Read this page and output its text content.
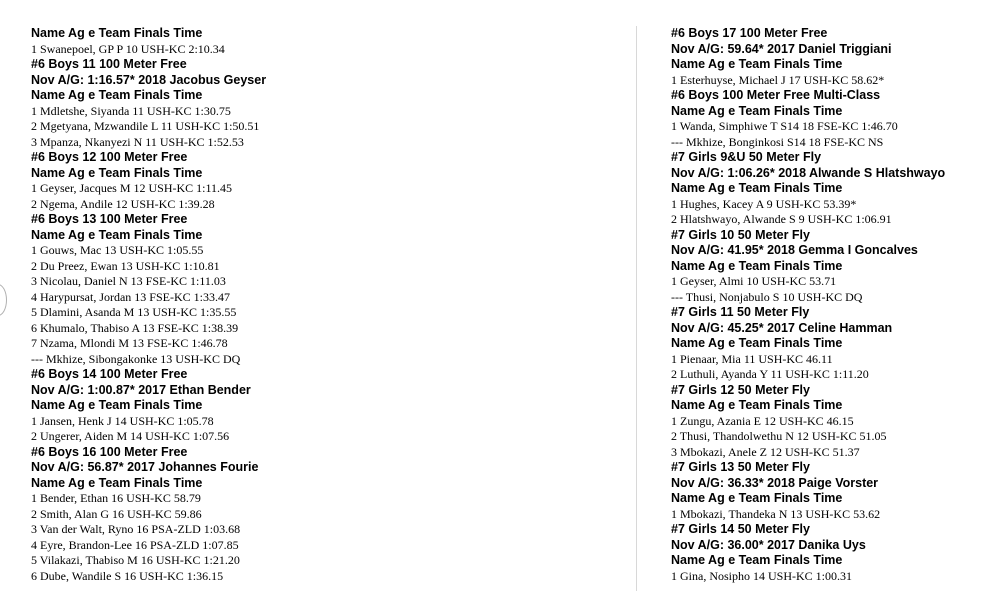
Name Ag e Team Finals Time
1 Swanepoel, GP P 10 USH-KC 2:10.34
#6 Boys 11 100 Meter Free
Nov A/G: 1:16.57* 2018 Jacobus Geyser
Name Ag e Team Finals Time
1 Mdletshe, Siyanda 11 USH-KC 1:30.75
2 Mgetyana, Mzwandile L 11 USH-KC 1:50.51
3 Mpanza, Nkanyezi N 11 USH-KC 1:52.53
#6 Boys 12 100 Meter Free
Name Ag e Team Finals Time
1 Geyser, Jacques M 12 USH-KC 1:11.45
2 Ngema, Andile 12 USH-KC 1:39.28
#6 Boys 13 100 Meter Free
Name Ag e Team Finals Time
1 Gouws, Mac 13 USH-KC 1:05.55
2 Du Preez, Ewan 13 USH-KC 1:10.81
3 Nicolau, Daniel N 13 FSE-KC 1:11.03
4 Harypursat, Jordan 13 FSE-KC 1:33.47
5 Dlamini, Asanda M 13 USH-KC 1:35.55
6 Khumalo, Thabiso A 13 FSE-KC 1:38.39
7 Nzama, Mlondi M 13 FSE-KC 1:46.78
--- Mkhize, Sibongakonke 13 USH-KC DQ
#6 Boys 14 100 Meter Free
Nov A/G: 1:00.87* 2017 Ethan Bender
Name Ag e Team Finals Time
1 Jansen, Henk J 14 USH-KC 1:05.78
2 Ungerer, Aiden M 14 USH-KC 1:07.56
#6 Boys 16 100 Meter Free
Nov A/G: 56.87* 2017 Johannes Fourie
Name Ag e Team Finals Time
1 Bender, Ethan 16 USH-KC 58.79
2 Smith, Alan G 16 USH-KC 59.86
3 Van der Walt, Ryno 16 PSA-ZLD 1:03.68
4 Eyre, Brandon-Lee 16 PSA-ZLD 1:07.85
5 Vilakazi, Thabiso M 16 USH-KC 1:21.20
6 Dube, Wandile S 16 USH-KC 1:36.15
#6 Boys 17 100 Meter Free
Nov A/G: 59.64* 2017 Daniel Triggiani
Name Ag e Team Finals Time
1 Esterhuyse, Michael J 17 USH-KC 58.62*
#6 Boys 100 Meter Free Multi-Class
Name Ag e Team Finals Time
1 Wanda, Simphiwe T S14 18 FSE-KC 1:46.70
--- Mkhize, Bonginkosi S14 18 FSE-KC NS
#7 Girls 9&U 50 Meter Fly
Nov A/G: 1:06.26* 2018 Alwande S Hlatshwayo
Name Ag e Team Finals Time
1 Hughes, Kacey A 9 USH-KC 53.39*
2 Hlatshwayo, Alwande S 9 USH-KC 1:06.91
#7 Girls 10 50 Meter Fly
Nov A/G: 41.95* 2018 Gemma I Goncalves
Name Ag e Team Finals Time
1 Geyser, Almi 10 USH-KC 53.71
--- Thusi, Nonjabulo S 10 USH-KC DQ
#7 Girls 11 50 Meter Fly
Nov A/G: 45.25* 2017 Celine Hamman
Name Ag e Team Finals Time
1 Pienaar, Mia 11 USH-KC 46.11
2 Luthuli, Ayanda Y 11 USH-KC 1:11.20
#7 Girls 12 50 Meter Fly
Name Ag e Team Finals Time
1 Zungu, Azania E 12 USH-KC 46.15
2 Thusi, Thandolwethu N 12 USH-KC 51.05
3 Mbokazi, Anele Z 12 USH-KC 51.37
#7 Girls 13 50 Meter Fly
Nov A/G: 36.33* 2018 Paige Vorster
Name Ag e Team Finals Time
1 Mbokazi, Thandeka N 13 USH-KC 53.62
#7 Girls 14 50 Meter Fly
Nov A/G: 36.00* 2017 Danika Uys
Name Ag e Team Finals Time
1 Gina, Nosipho 14 USH-KC 1:00.31
